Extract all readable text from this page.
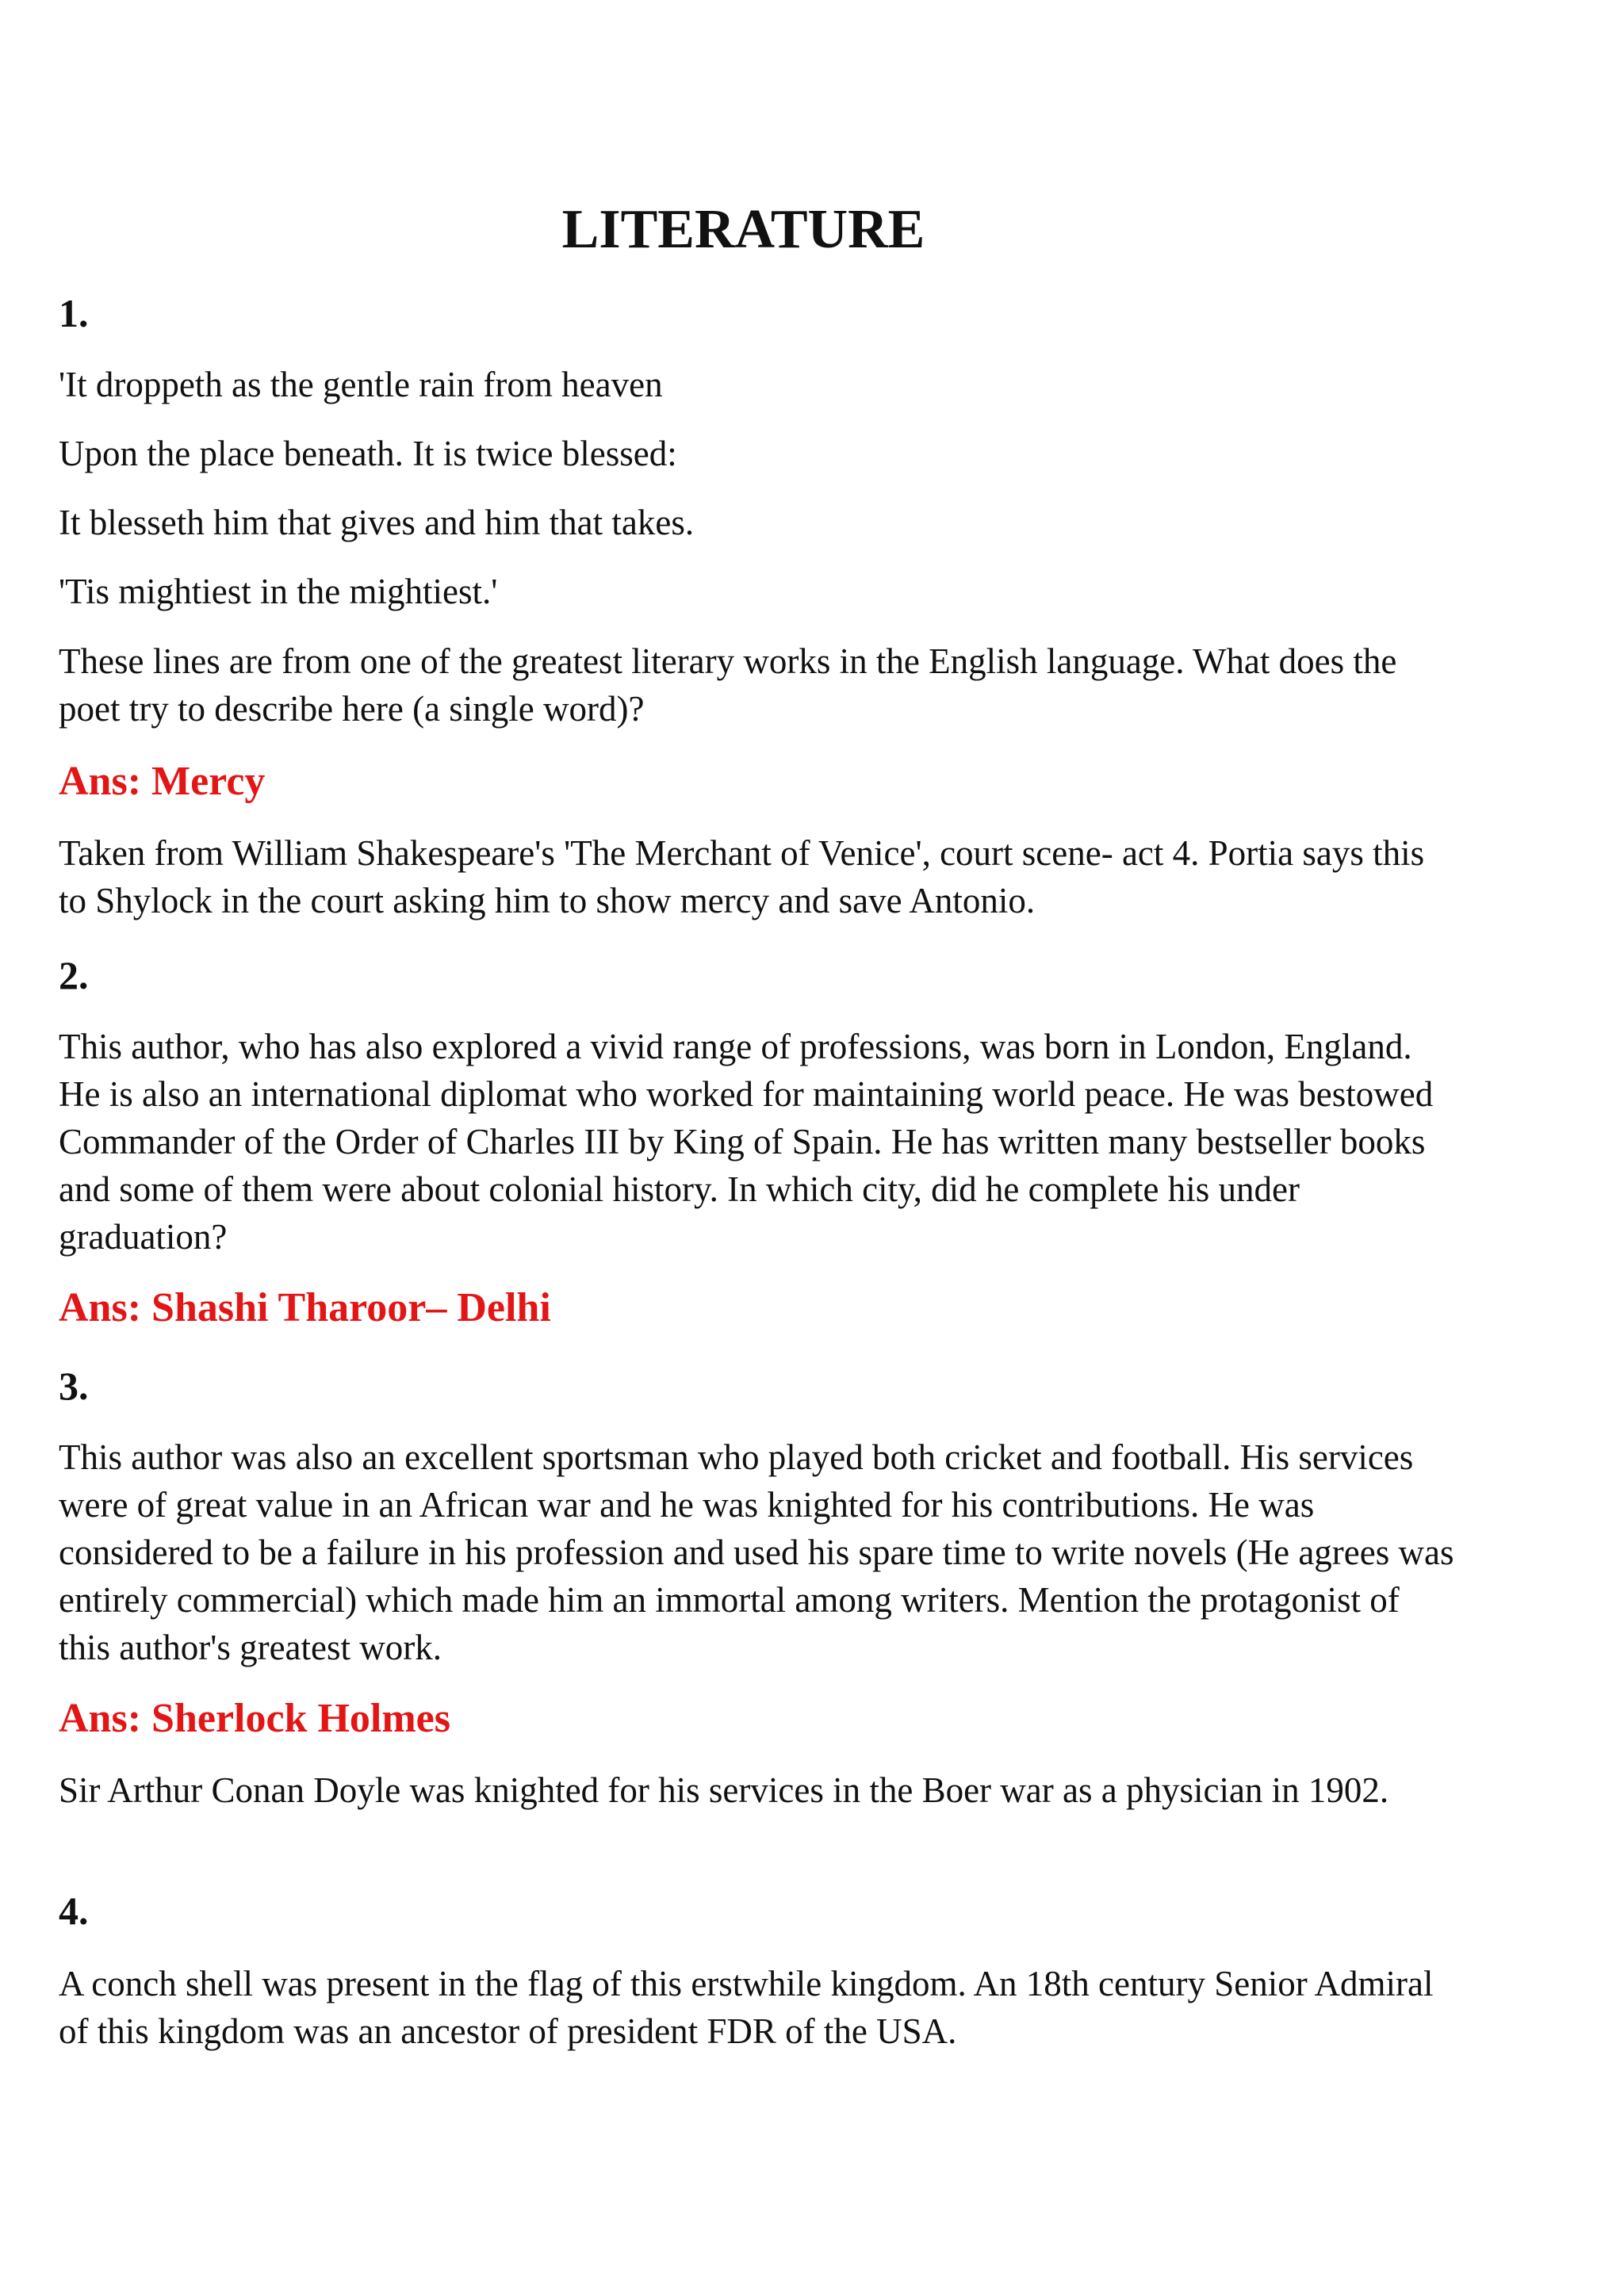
LITERATURE
1.
'It droppeth as the gentle rain from heaven
Upon the place beneath. It is twice blessed:
It blesseth him that gives and him that takes.
'Tis mightiest in the mightiest.'
These lines are from one of the greatest literary works in the English language. What does the poet try to describe here (a single word)?
Ans: Mercy
Taken from William Shakespeare's 'The Merchant of Venice', court scene- act 4. Portia says this to Shylock in the court asking him to show mercy and save Antonio.
2.
This author, who has also explored a vivid range of professions, was born in London, England. He is also an international diplomat who worked for maintaining world peace. He was bestowed Commander of the Order of Charles III by King of Spain. He has written many bestseller books and some of them were about colonial history. In which city, did he complete his under graduation?
Ans: Shashi Tharoor– Delhi
3.
This author was also an excellent sportsman who played both cricket and football. His services were of great value in an African war and he was knighted for his contributions. He was considered to be a failure in his profession and used his spare time to write novels (He agrees was entirely commercial) which made him an immortal among writers. Mention the protagonist of this author's greatest work.
Ans: Sherlock Holmes
Sir Arthur Conan Doyle was knighted for his services in the Boer war as a physician in 1902.
4.
A conch shell was present in the flag of this erstwhile kingdom. An 18th century Senior Admiral of this kingdom was an ancestor of president FDR of the USA.
